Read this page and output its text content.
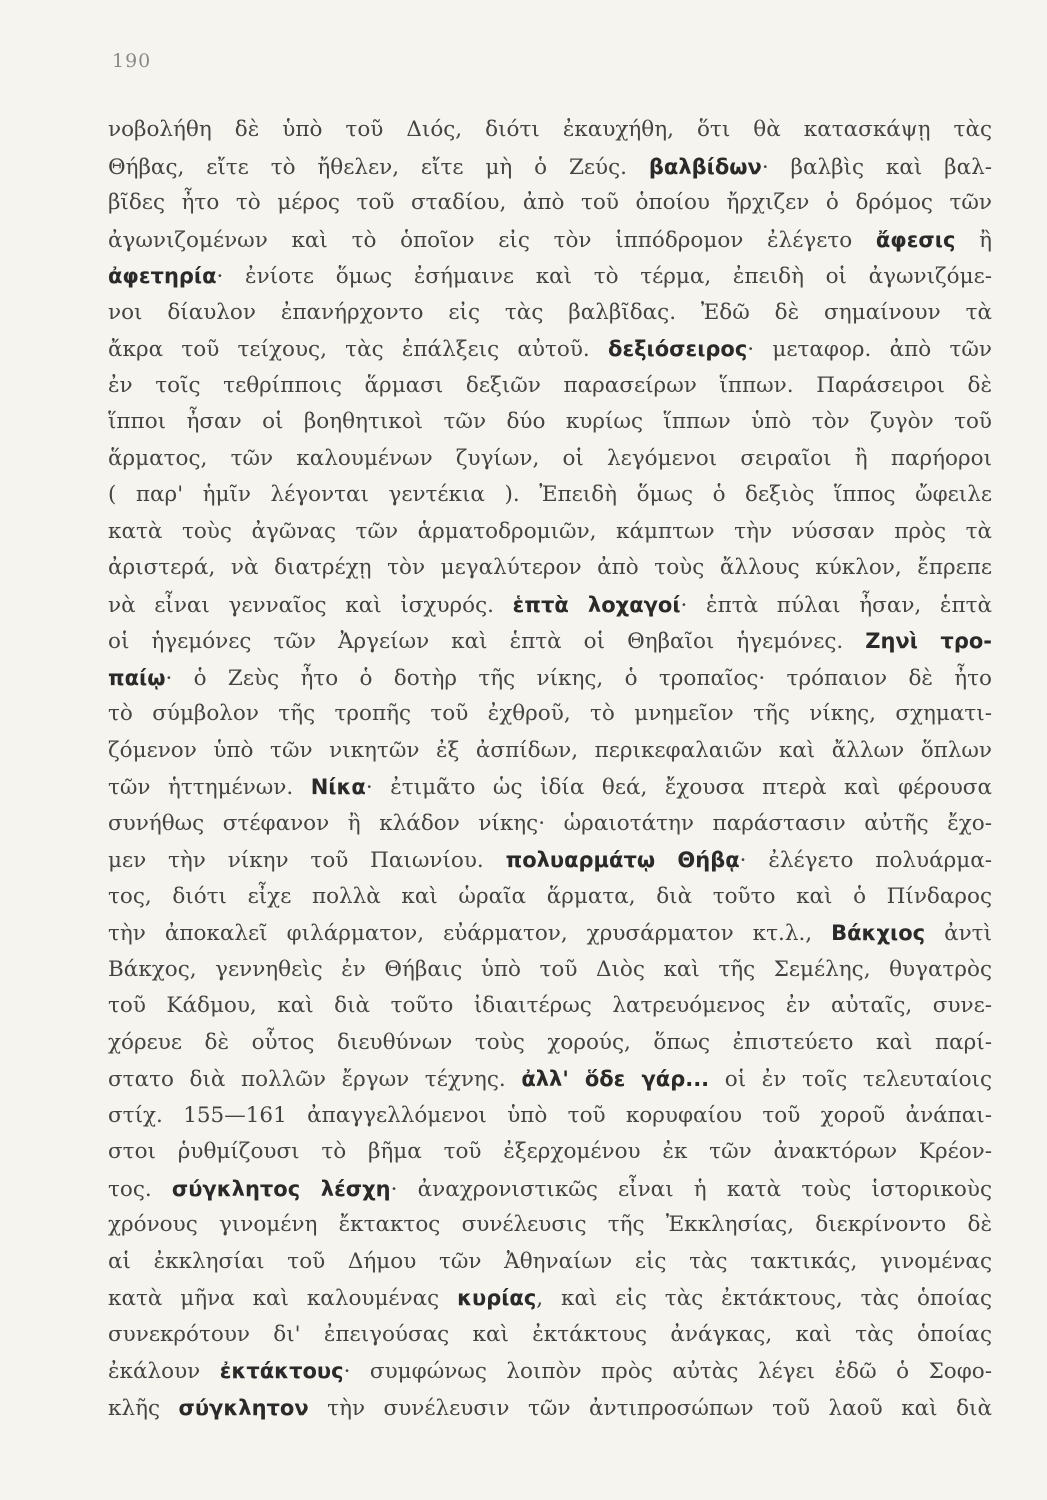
190
νοβολήθη δὲ ὑπὸ τοῦ Διός, διότι ἐκαυχήθη, ὅτι θὰ κατασκάψῃ τὰς
Θήβας, εἴτε τὸ ἤθελεν, εἴτε μὴ ὁ Ζεύς. βαλβίδων· βαλβὶς καὶ βαλ-
βῖδες ἦτο τὸ μέρος τοῦ σταδίου, ἀπὸ τοῦ ὁποίου ἤρχιζεν ὁ δρόμος τῶν
ἀγωνιζομένων καὶ τὸ ὁποῖον εἰς τὸν ἱππόδρομον ἐλέγετο ἄφεσις ἢ
ἀφετηρία· ἐνίοτε ὅμως ἐσήμαινε καὶ τὸ τέρμα, ἐπειδὴ οἱ ἀγωνιζόμε-
νοι δίαυλον ἐπανήρχοντο εἰς τὰς βαλβῖδας. Ἐδῶ δὲ σημαίνουν τὰ
ἄκρα τοῦ τείχους, τὰς ἐπάλξεις αὐτοῦ. δεξιόσειρος· μεταφορ. ἀπὸ τῶν
ἐν τοῖς τεθρίπποις ἅρμασι δεξιῶν παρασείρων ἵππων. Παράσειροι δὲ
ἵπποι ἦσαν οἱ βοηθητικοὶ τῶν δύο κυρίως ἵππων ὑπὸ τὸν ζυγὸν τοῦ
ἅρματος, τῶν καλουμένων ζυγίων, οἱ λεγόμενοι σειραῖοι ἢ παρήοροι
( παρ' ἡμῖν λέγονται γεντέκια ). Ἐπειδὴ ὅμως ὁ δεξιὸς ἵππος ὤφειλε
κατὰ τοὺς ἀγῶνας τῶν ἁρματοδρομιῶν, κάμπτων τὴν νύσσαν πρὸς τὰ
ἀριστερά, νὰ διατρέχῃ τὸν μεγαλύτερον ἀπὸ τοὺς ἄλλους κύκλον, ἔπρεπε
νὰ εἶναι γενναῖος καὶ ἰσχυρός. ἑπτὰ λοχαγοί· ἑπτὰ πύλαι ἦσαν, ἑπτὰ
οἱ ἡγεμόνες τῶν Ἀργείων καὶ ἑπτὰ οἱ Θηβαῖοι ἡγεμόνες. Ζηνὶ τρο-
παίῳ· ὁ Ζεὺς ἦτο ὁ δοτὴρ τῆς νίκης, ὁ τροπαῖος· τρόπαιον δὲ ἦτο
τὸ σύμβολον τῆς τροπῆς τοῦ ἐχθροῦ, τὸ μνημεῖον τῆς νίκης, σχηματι-
ζόμενον ὑπὸ τῶν νικητῶν ἐξ ἀσπίδων, περικεφαλαιῶν καὶ ἄλλων ὅπλων
τῶν ἡττημένων. Νίκα· ἐτιμᾶτο ὡς ἰδία θεά, ἔχουσα πτερὰ καὶ φέρουσα
συνήθως στέφανον ἢ κλάδον νίκης· ὡραιοτάτην παράστασιν αὐτῆς ἔχο-
μεν τὴν νίκην τοῦ Παιωνίου. πολυαρμάτῳ Θήβᾳ· ἐλέγετο πολυάρμα-
τος, διότι εἶχε πολλὰ καὶ ὡραῖα ἅρματα, διὰ τοῦτο καὶ ὁ Πίνδαρος
τὴν ἀποκαλεῖ φιλάρματον, εὐάρματον, χρυσάρματον κτ.λ., Βάκχιος ἀντὶ
Βάκχος, γεννηθεὶς ἐν Θήβαις ὑπὸ τοῦ Διὸς καὶ τῆς Σεμέλης, θυγατρὸς
τοῦ Κάδμου, καὶ διὰ τοῦτο ἰδιαιτέρως λατρευόμενος ἐν αὐταῖς, συνε-
χόρευε δὲ οὗτος διευθύνων τοὺς χορούς, ὅπως ἐπιστεύετο καὶ παρί-
στατο διὰ πολλῶν ἔργων τέχνης. ἀλλ' ὅδε γάρ... οἱ ἐν τοῖς τελευταίοις
στίχ. 155—161 ἀπαγγελλόμενοι ὑπὸ τοῦ κορυφαίου τοῦ χοροῦ ἀνάπαι-
στοι ῥυθμίζουσι τὸ βῆμα τοῦ ἐξερχομένου ἐκ τῶν ἀνακτόρων Κρέον-
τος. σύγκλητος λέσχη· ἀναχρονιστικῶς εἶναι ἡ κατὰ τοὺς ἱστορικοὺς
χρόνους γινομένη ἔκτακτος συνέλευσις τῆς Ἐκκλησίας, διεκρίνοντο δὲ
αἱ ἐκκλησίαι τοῦ Δήμου τῶν Ἀθηναίων εἰς τὰς τακτικάς, γινομένας
κατὰ μῆνα καὶ καλουμένας κυρίας, καὶ εἰς τὰς ἐκτάκτους, τὰς ὁποίας
συνεκρότουν δι' ἐπειγούσας καὶ ἐκτάκτους ἀνάγκας, καὶ τὰς ὁποίας
ἐκάλουν ἐκτάκτους· συμφώνως λοιπὸν πρὸς αὐτὰς λέγει ἐδῶ ὁ Σοφο-
κλῆς σύγκλητον τὴν συνέλευσιν τῶν ἀντιπροσώπων τοῦ λαοῦ καὶ διὰ
